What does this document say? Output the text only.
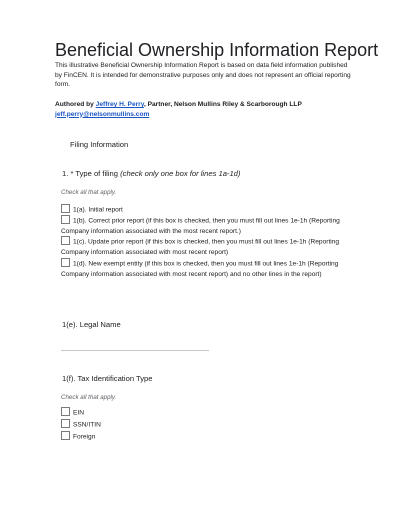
Beneficial Ownership Information Report
This illustrative Beneficial Ownership Information Report is based on data field information published by FinCEN. It is intended for demonstrative purposes only and does not represent an official reporting form.
Authored by Jeffrey H. Perry, Partner, Nelson Mullins Riley & Scarborough LLP
jeff.perry@nelsonmullins.com
Filing Information
1. * Type of filing (check only one box for lines 1a-1d)
Check all that apply.
1(a). Initial report
1(b). Correct prior report (if this box is checked, then you must fill out lines 1e-1h (Reporting Company information associated with the most recent report.)
1(c). Update prior report (if this box is checked, then you must fill out lines 1e-1h (Reporting Company information associated with most recent report)
1(d). New exempt entity (if this box is checked, then you must fill out lines 1e-1h (Reporting Company information associated with most recent report) and no other lines in the report)
1(e). Legal Name
1(f). Tax Identification Type
Check all that apply.
EIN
SSN/ITIN
Foreign
